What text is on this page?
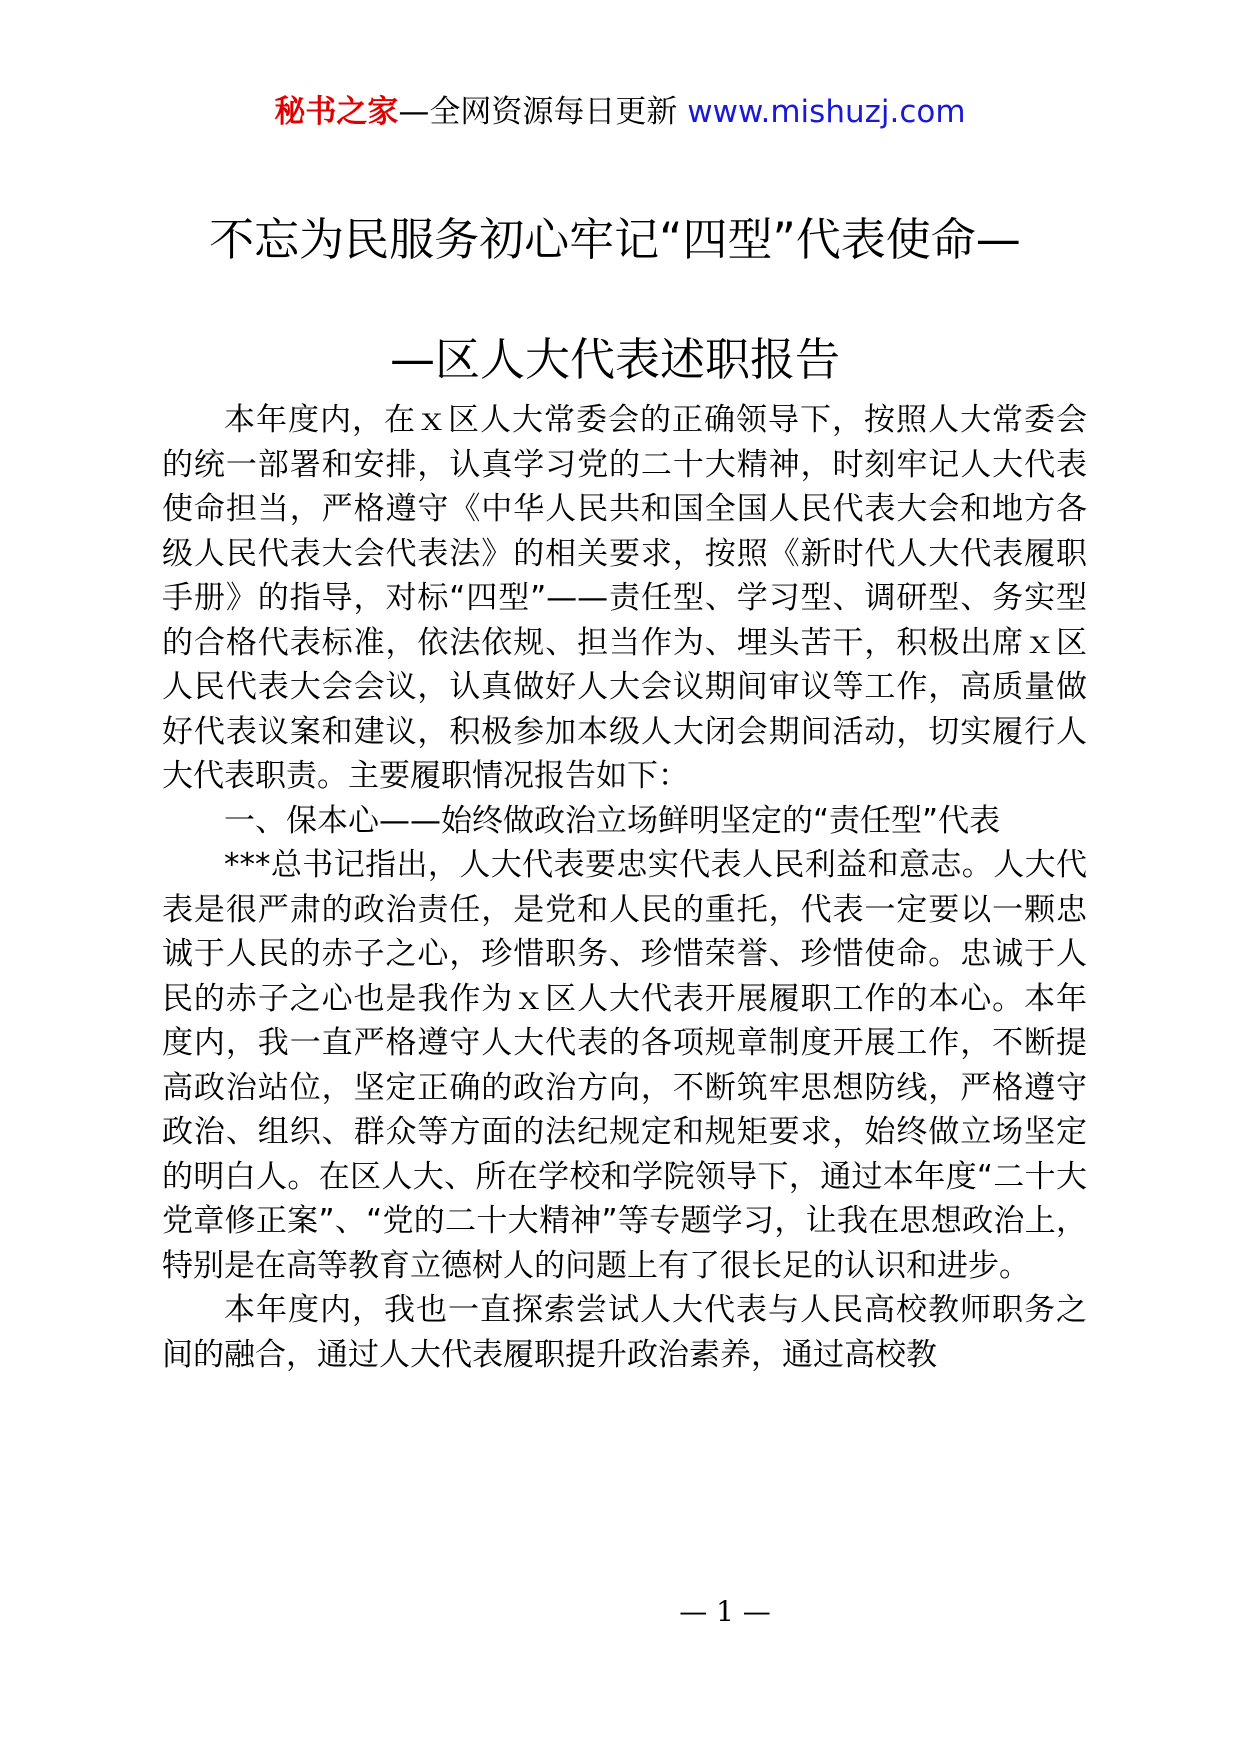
秘书之家—全网资源每日更新 www.mishuzj.com
不忘为民服务初心牢记“四型”代表使命—
—区人大代表述职报告

本年度内，在ｘ区人大常委会的正确领导下，按照人大常委会的统一部署和安排，认真学习党的二十大精神，时刻牢记人大代表使命担当，严格遵守《中华人民共和国全国人民代表大会和地方各级人民代表大会代表法》的相关要求，按照《新时代人大代表履职手册》的指导，对标“四型”——责任型、学习型、调研型、务实型的合格代表标准，依法依规、担当作为、埋头苦干，积极出席ｘ区人民代表大会会议，认真做好人大会议期间审议等工作，高质量做好代表议案和建议，积极参加本级人大闭会期间活动，切实履行人大代表职责。主要履职情况报告如下：

一、保本心——始终做政治立场鲜明坚定的“责任型”代表

***总书记指出，人大代表要忠实代表人民利益和意志。人大代表是很严肃的政治责任，是党和人民的重托，代表一定要以一颗忠诚于人民的赤子之心，珍惜职务、珍惜荣誉、珍惜使命。忠诚于人民的赤子之心也是我作为ｘ区人大代表开展履职工作的本心。本年度内，我一直严格遵守人大代表的各项规章制度开展工作，不断提高政治站位，坚定正确的政治方向，不断筑牢思想防线，严格遵守政治、组织、群众等方面的法纪规定和规矩要求，始终做立场坚定的明白人。在区人大、所在学校和学院领导下，通过本年度“二十大党章修正案”、“党的二十大精神”等专题学习，让我在思想政治上，特别是在高等教育立德树人的问题上有了很长足的认识和进步。

本年度内，我也一直探索尝试人大代表与人民高校教师职务之间的融合，通过人大代表履职提升政治素养，通过高校教

— 1 —
